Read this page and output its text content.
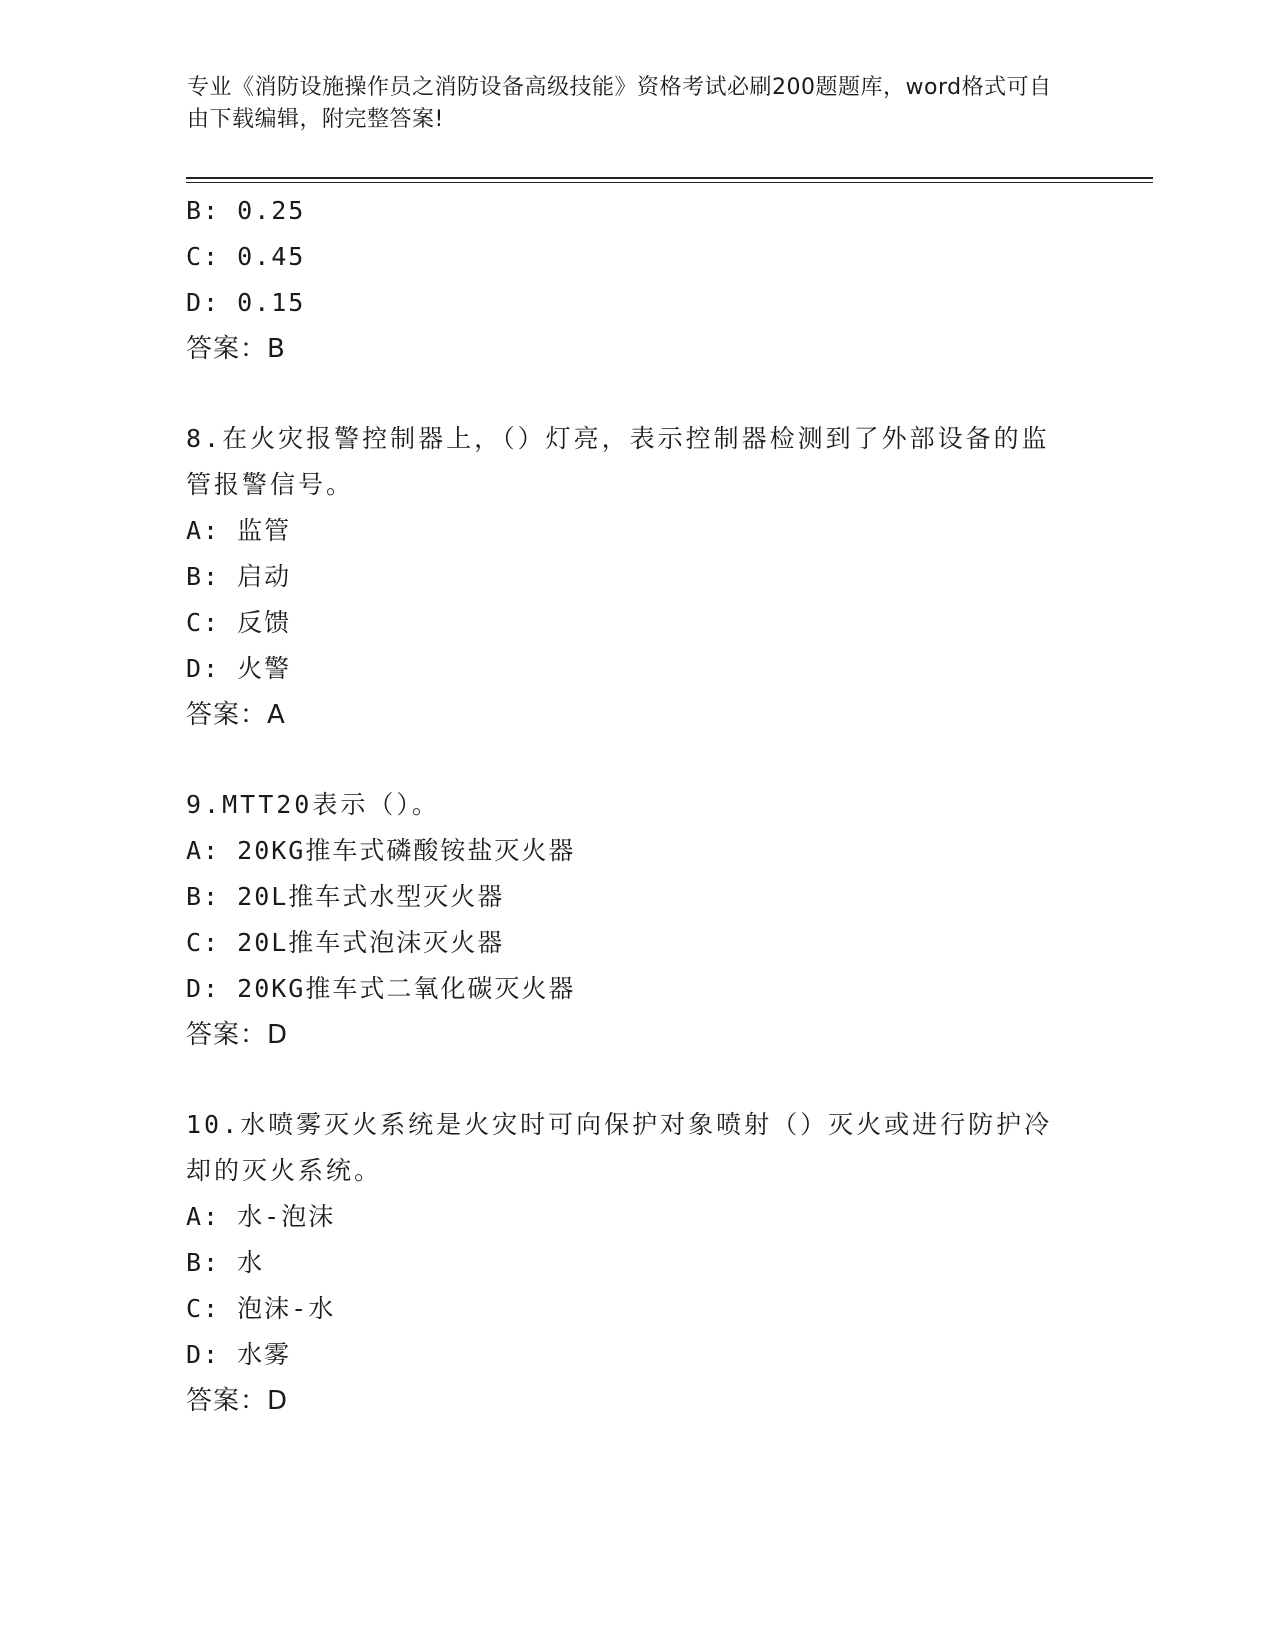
专业《消防设施操作员之消防设备高级技能》资格考试必刷200题题库，word格式可自由下载编辑，附完整答案!
B: 0.25
C: 0.45
D: 0.15
答案：B
8.在火灾报警控制器上，（）灯亮，表示控制器检测到了外部设备的监管报警信号。
A: 监管
B: 启动
C: 反馈
D: 火警
答案：A
9.MTT20表示（）。
A: 20KG推车式磷酸铵盐灭火器
B: 20L推车式水型灭火器
C: 20L推车式泡沫灭火器
D: 20KG推车式二氧化碳灭火器
答案：D
10.水喷雾灭火系统是火灾时可向保护对象喷射（）灭火或进行防护冷却的灭火系统。
A: 水-泡沫
B: 水
C: 泡沫-水
D: 水雾
答案：D
